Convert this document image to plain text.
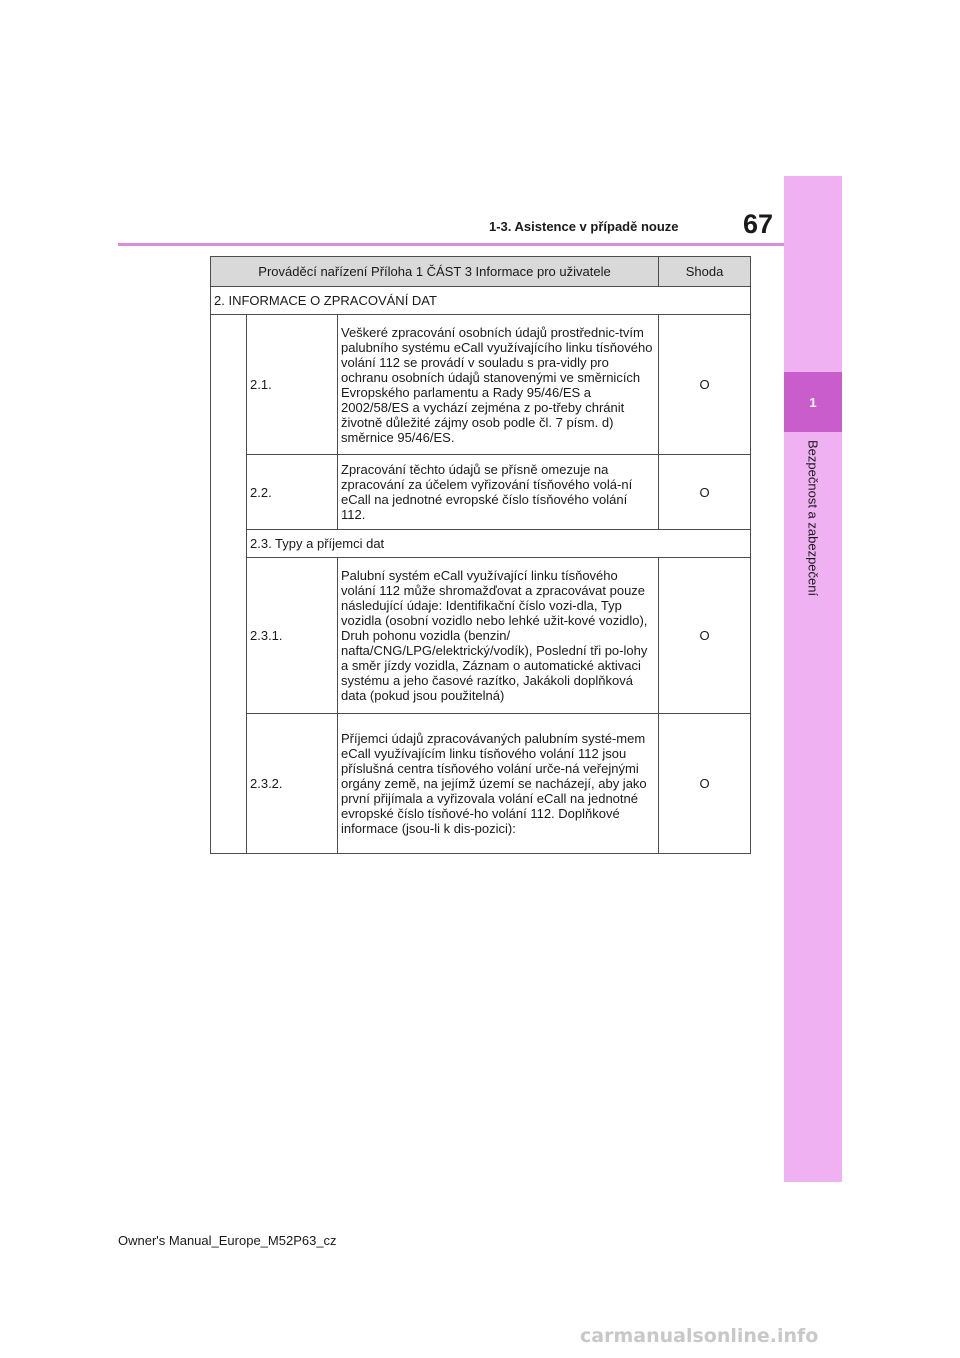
1
Bezpečnost a zabezpečení
1-3. Asistence v případě nouze	67
Prováděcí nařízení Příloha 1 ČÁST 3 Informace pro uživatele			Shoda
2. INFORMACE O ZPRACOVÁNÍ DAT			
	2.1.	Veškeré zpracování osobních údajů prostřednic-tvím palubního systému eCall využívajícího linku tísňového volání 112 se provádí v souladu s pra-vidly pro ochranu osobních údajů stanovenými ve směrnicích Evropského parlamentu a Rady 95/46/ES a 2002/58/ES a vychází zejména z po-třeby chránit životně důležité zájmy osob podle čl. 7 písm. d) směrnice 95/46/ES.	O
	2.2.	Zpracování těchto údajů se přísně omezuje na zpracování za účelem vyřizování tísňového volá-ní eCall na jednotné evropské číslo tísňového volání 112.	O
	2.3. Typy a příjemci dat		
	2.3.1.	Palubní systém eCall využívající linku tísňového volání 112 může shromažďovat a zpracovávat pouze následující údaje: Identifikační číslo vozi-dla, Typ vozidla (osobní vozidlo nebo lehké užit-kové vozidlo), Druh pohonu vozidla (benzin/ nafta/CNG/LPG/elektrický/vodík), Poslední tři po-lohy a směr jízdy vozidla, Záznam o automatické aktivaci systému a jeho časové razítko, Jakákoli doplňková data (pokud jsou použitelná)	O
	2.3.2.	Příjemci údajů zpracovávaných palubním systé-mem eCall využívajícím linku tísňového volání 112 jsou příslušná centra tísňového volání urče-ná veřejnými orgány země, na jejímž území se nacházejí, aby jako první přijímala a vyřizovala volání eCall na jednotné evropské číslo tísňové-ho volání 112. Doplňkové informace (jsou-li k dis-pozici):	O
Owner's Manual_Europe_M52P63_cz
carmanualsonline.info
